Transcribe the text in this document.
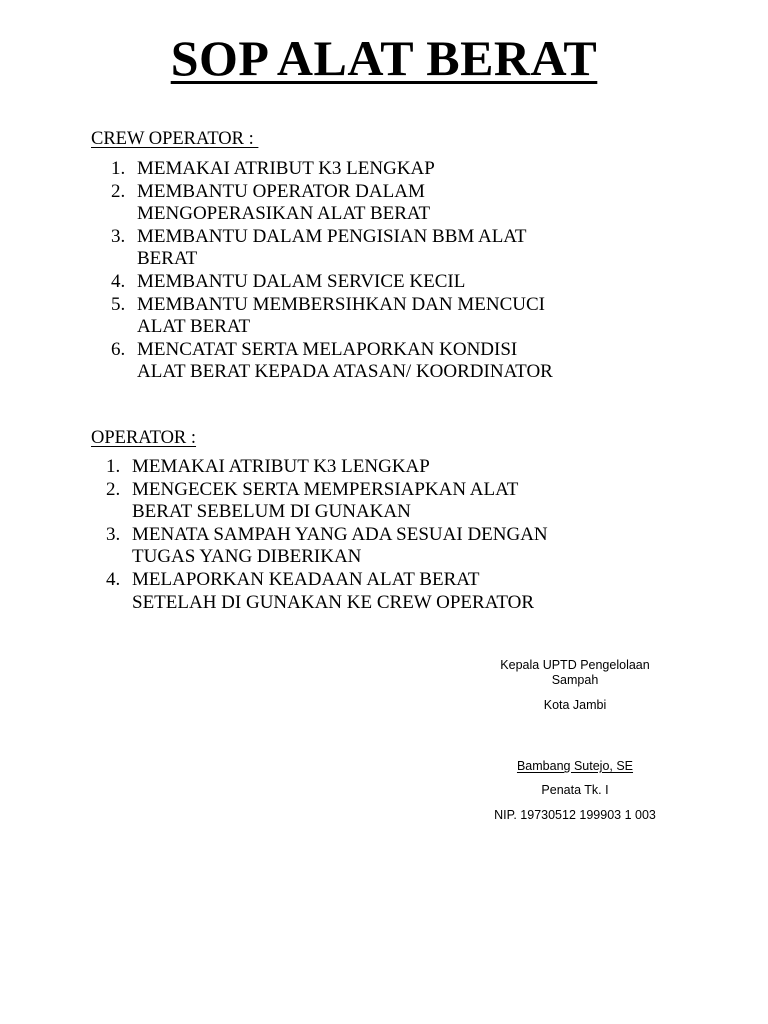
SOP ALAT BERAT
CREW OPERATOR :
1. MEMAKAI ATRIBUT K3 LENGKAP
2. MEMBANTU OPERATOR DALAM
MENGOPERASIKAN ALAT BERAT
3. MEMBANTU DALAM PENGISIAN BBM ALAT
BERAT
4. MEMBANTU DALAM SERVICE KECIL
5. MEMBANTU MEMBERSIHKAN DAN MENCUCI
ALAT BERAT
6. MENCATAT SERTA MELAPORKAN KONDISI
ALAT BERAT KEPADA ATASAN/ KOORDINATOR
OPERATOR :
1. MEMAKAI ATRIBUT K3 LENGKAP
2. MENGECEK SERTA MEMPERSIAPKAN ALAT
BERAT SEBELUM DI GUNAKAN
3. MENATA SAMPAH YANG ADA SESUAI DENGAN
TUGAS YANG DIBERIKAN
4. MELAPORKAN KEADAAN ALAT BERAT
SETELAH DI GUNAKAN KE CREW OPERATOR
Kepala UPTD Pengelolaan
Sampah
Kota Jambi
Bambang Sutejo, SE
Penata Tk. I
NIP. 19730512 199903 1 003
